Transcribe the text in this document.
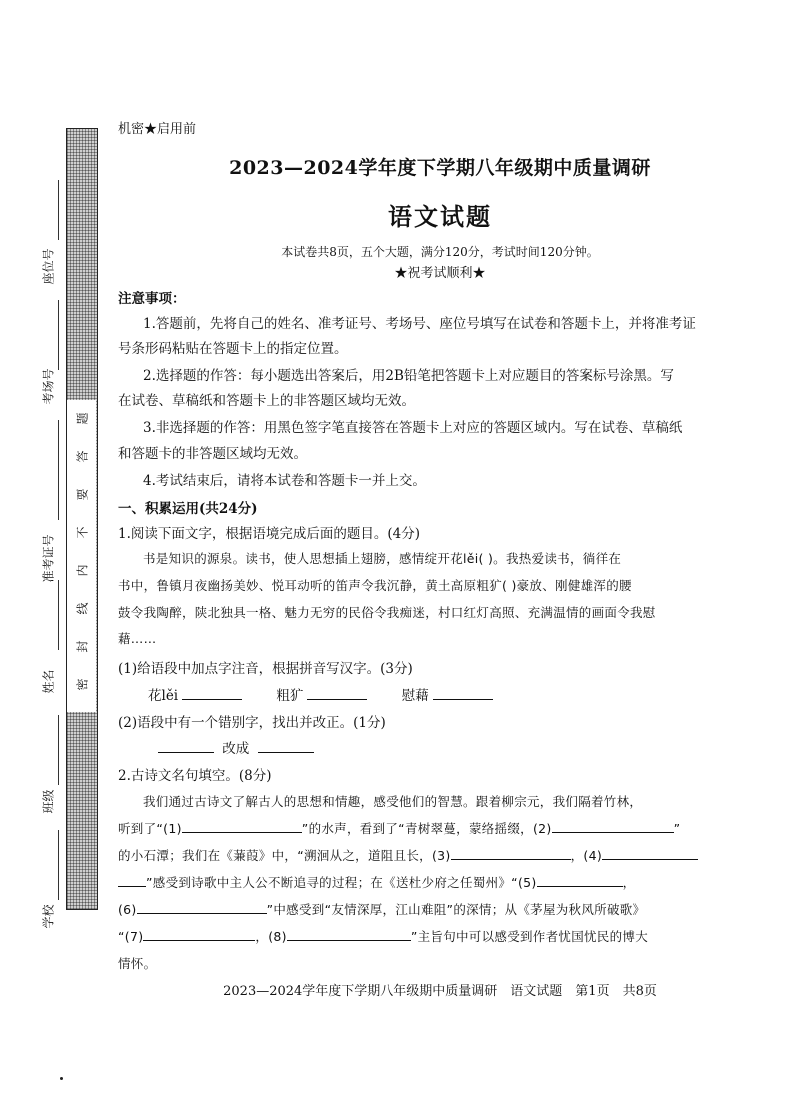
题
答
要
不
内
线
封
密
座位号
考场号
准考证号
姓名
班级
学校
机密★启用前
2023—2024学年度下学期八年级期中质量调研
语文试题
本试卷共8页，五个大题，满分120分，考试时间120分钟。
★祝考试顺利★
注意事项：
1.答题前，先将自己的姓名、准考证号、考场号、座位号填写在试卷和答题卡上，并将准考证
号条形码粘贴在答题卡上的指定位置。
2.选择题的作答：每小题选出答案后，用2B铅笔把答题卡上对应题目的答案标号涂黑。写
在试卷、草稿纸和答题卡上的非答题区域均无效。
3.非选择题的作答：用黑色签字笔直接答在答题卡上对应的答题区域内。写在试卷、草稿纸
和答题卡的非答题区域均无效。
4.考试结束后，请将本试卷和答题卡一并上交。
一、积累运用(共24分)
1.阅读下面文字，根据语境完成后面的题目。(4分)
书是知识的源泉。读书，使人思想插上翅膀，感情绽开花lěi( )。我热爱读书，徜徉在
书中，鲁镇月夜幽扬美妙、悦耳动听的笛声令我沉静，黄土高原粗犷( )豪放、刚健雄浑的腰
鼓令我陶醉，陕北独具一格、魅力无穷的民俗令我痴迷，村口红灯高照、充满温情的画面令我慰
藉……
(1)给语段中加点字注音，根据拼音写汉字。(3分)
花lěi	粗犷	慰藉
(2)语段中有一个错别字，找出并改正。(1分)
改成
2.古诗文名句填空。(8分)
我们通过古诗文了解古人的思想和情趣，感受他们的智慧。跟着柳宗元，我们隔着竹林，
听到了“(1)	”的水声，看到了“青树翠蔓，蒙络摇缀，(2)	”
的小石潭；我们在《蒹葭》中，“溯洄从之，道阻且长，(3)	，(4)
”感受到诗歌中主人公不断追寻的过程；在《送杜少府之任蜀州》“(5)	，
(6)	”中感受到“友情深厚，江山难阻”的深情；从《茅屋为秋风所破歌》
“(7)	，(8)	”主旨句中可以感受到作者忧国忧民的博大
情怀。
2023—2024学年度下学期八年级期中质量调研　语文试题　第1页　共8页
